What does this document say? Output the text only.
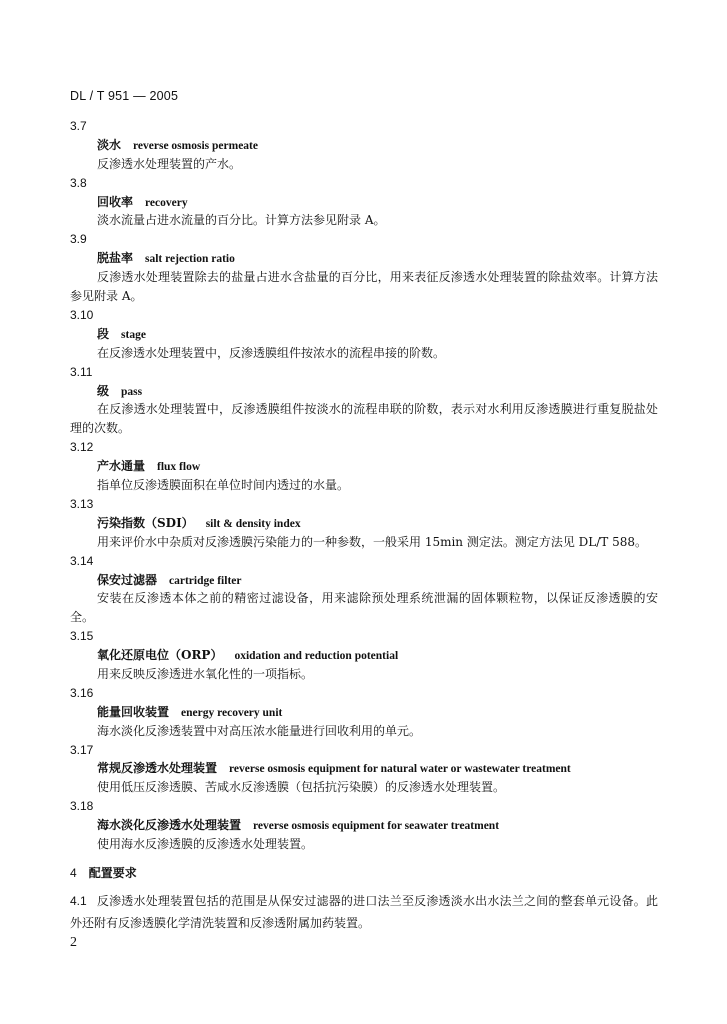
DL / T 951 — 2005
3.7
淡水 reverse osmosis permeate
反渗透水处理装置的产水。
3.8
回收率 recovery
淡水流量占进水流量的百分比。计算方法参见附录 A。
3.9
脱盐率 salt rejection ratio
反渗透水处理装置除去的盐量占进水含盐量的百分比，用来表征反渗透水处理装置的除盐效率。计算方法参见附录 A。
3.10
段 stage
在反渗透水处理装置中，反渗透膜组件按浓水的流程串接的阶数。
3.11
级 pass
在反渗透水处理装置中，反渗透膜组件按淡水的流程串联的阶数，表示对水利用反渗透膜进行重复脱盐处理的次数。
3.12
产水通量 flux flow
指单位反渗透膜面积在单位时间内透过的水量。
3.13
污染指数（SDI） silt & density index
用来评价水中杂质对反渗透膜污染能力的一种参数，一般采用 15min 测定法。测定方法见 DL/T 588。
3.14
保安过滤器 cartridge filter
安装在反渗透本体之前的精密过滤设备，用来滤除预处理系统泄漏的固体颗粒物，以保证反渗透膜的安全。
3.15
氧化还原电位（ORP） oxidation and reduction potential
用来反映反渗透进水氧化性的一项指标。
3.16
能量回收装置 energy recovery unit
海水淡化反渗透装置中对高压浓水能量进行回收利用的单元。
3.17
常规反渗透水处理装置 reverse osmosis equipment for natural water or wastewater treatment
使用低压反渗透膜、苦咸水反渗透膜（包括抗污染膜）的反渗透水处理装置。
3.18
海水淡化反渗透水处理装置 reverse osmosis equipment for seawater treatment
使用海水反渗透膜的反渗透水处理装置。
4 配置要求
4.1 反渗透水处理装置包括的范围是从保安过滤器的进口法兰至反渗透淡水出水法兰之间的整套单元设备。此外还附有反渗透膜化学清洗装置和反渗透附属加药装置。
2
